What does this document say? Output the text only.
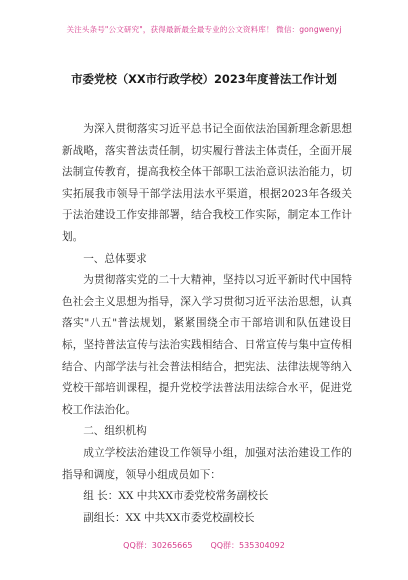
关注头条号"公文研究"，获得最新最全最专业的公文资料库！ 微信：gongwenyj
市委党校（XX市行政学校）2023年度普法工作计划

为深入贯彻落实习近平总书记全面依法治国新理念新思想新战略，落实普法责任制，切实履行普法主体责任，全面开展法制宣传教育，提高我校全体干部职工法治意识法治能力，切实拓展我市领导干部学法用法水平渠道，根据2023年各级关于法治建设工作安排部署，结合我校工作实际，制定本工作计划。

一、总体要求

为贯彻落实党的二十大精神，坚持以习近平新时代中国特色社会主义思想为指导，深入学习贯彻习近平法治思想，认真落实"八五"普法规划，紧紧围绕全市干部培训和队伍建设目标，坚持普法宣传与法治实践相结合、日常宣传与集中宣传相结合、内部学法与社会普法相结合，把宪法、法律法规等纳入党校干部培训课程，提升党校学法普法用法综合水平，促进党校工作法治化。

二、组织机构

成立学校法治建设工作领导小组，加强对法治建设工作的指导和调度，领导小组成员如下：

组 长：XX 中共XX市委党校常务副校长

副组长：XX 中共XX市委党校副校长

QQ群：30265665 QQ群：535304092
